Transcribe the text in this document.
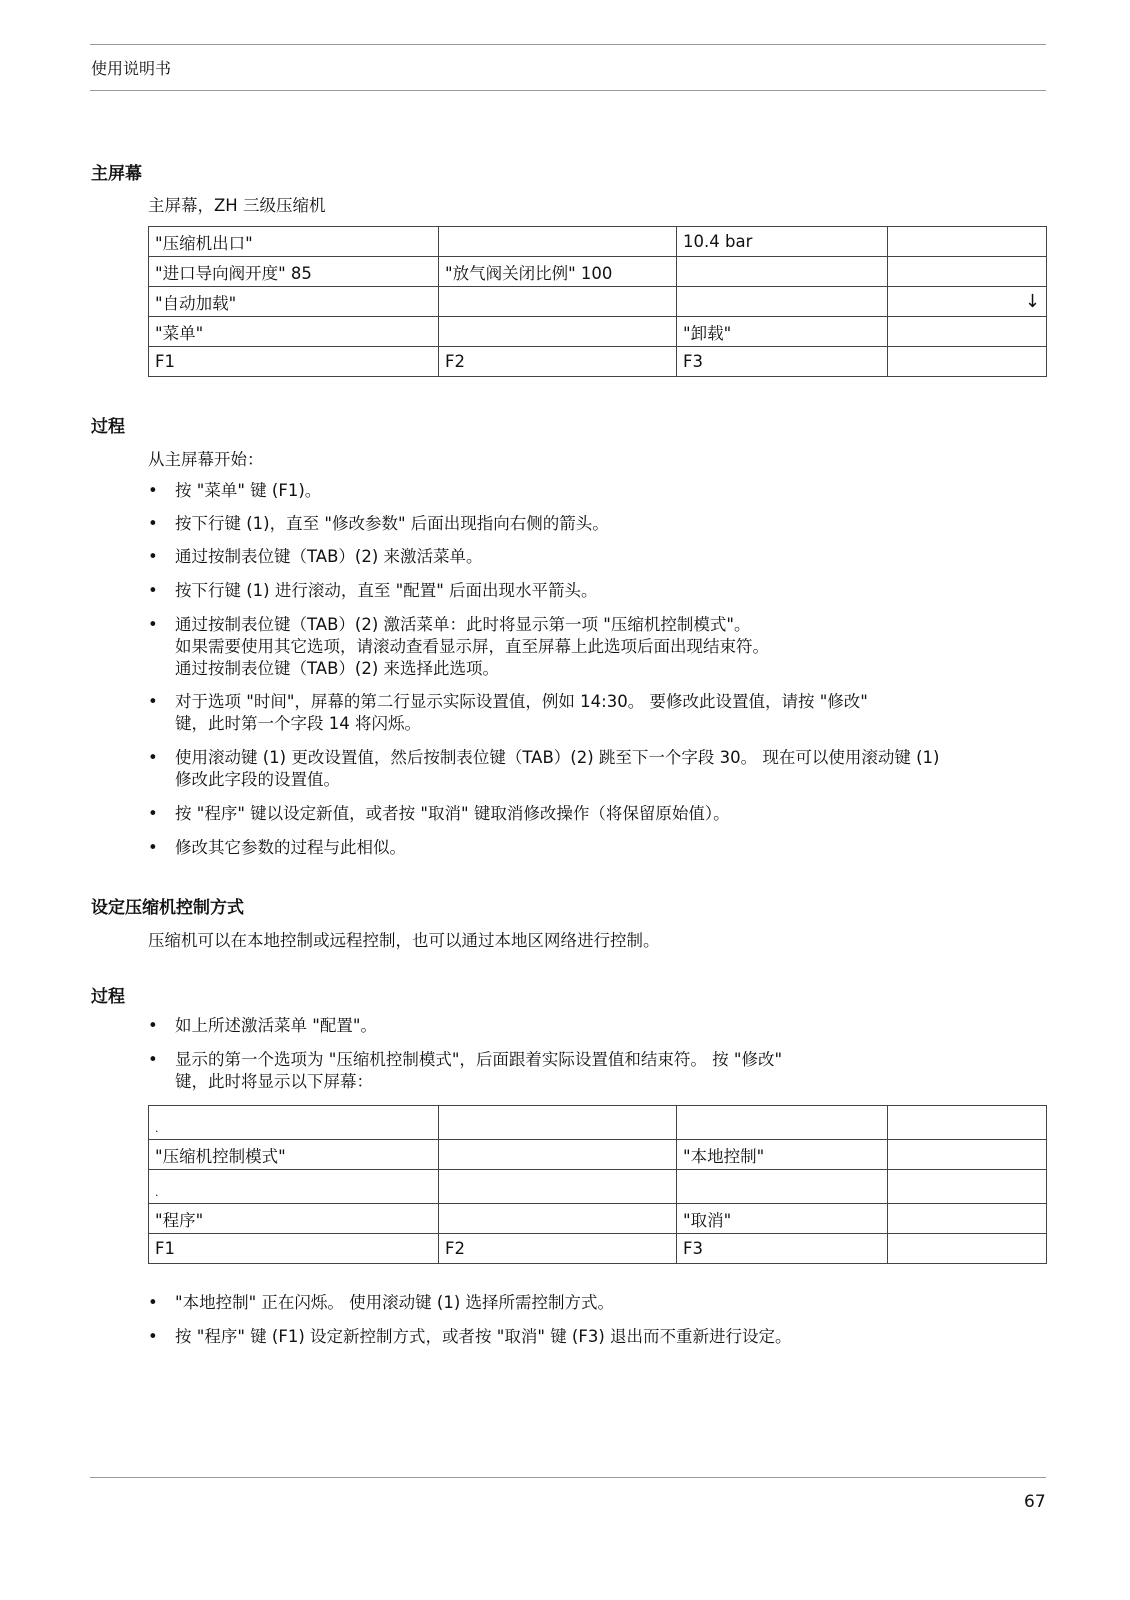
使用说明书
主屏幕
主屏幕，ZH 三级压缩机
"压缩机出口"		10.4 bar	
"进口导向阀开度" 85	"放气阀关闭比例" 100		
"自动加载"			↓
"菜单"		"卸载"	
F1	F2	F3	
过程
从主屏幕开始：
• 按 "菜单" 键 (F1)。
• 按下行键 (1)，直至 "修改参数" 后面出现指向右侧的箭头。
• 通过按制表位键（TAB）(2) 来激活菜单。
• 按下行键 (1) 进行滚动，直至 "配置" 后面出现水平箭头。
• 通过按制表位键（TAB）(2) 激活菜单：此时将显示第一项 "压缩机控制模式"。
如果需要使用其它选项，请滚动查看显示屏，直至屏幕上此选项后面出现结束符。
通过按制表位键（TAB）(2) 来选择此选项。
• 对于选项 "时间"，屏幕的第二行显示实际设置值，例如 14:30。 要修改此设置值，请按 "修改"
键，此时第一个字段 14 将闪烁。
• 使用滚动键 (1) 更改设置值，然后按制表位键（TAB）(2) 跳至下一个字段 30。 现在可以使用滚动键 (1)
修改此字段的设置值。
• 按 "程序" 键以设定新值，或者按 "取消" 键取消修改操作（将保留原始值）。
• 修改其它参数的过程与此相似。
设定压缩机控制方式
压缩机可以在本地控制或远程控制，也可以通过本地区网络进行控制。
过程
• 如上所述激活菜单 "配置"。
• 显示的第一个选项为 "压缩机控制模式"，后面跟着实际设置值和结束符。 按 "修改"
键，此时将显示以下屏幕：
.			
"压缩机控制模式"		"本地控制"	
.			
"程序"		"取消"	
F1	F2	F3	
• "本地控制" 正在闪烁。 使用滚动键 (1) 选择所需控制方式。
• 按 "程序" 键 (F1) 设定新控制方式，或者按 "取消" 键 (F3) 退出而不重新进行设定。
67
